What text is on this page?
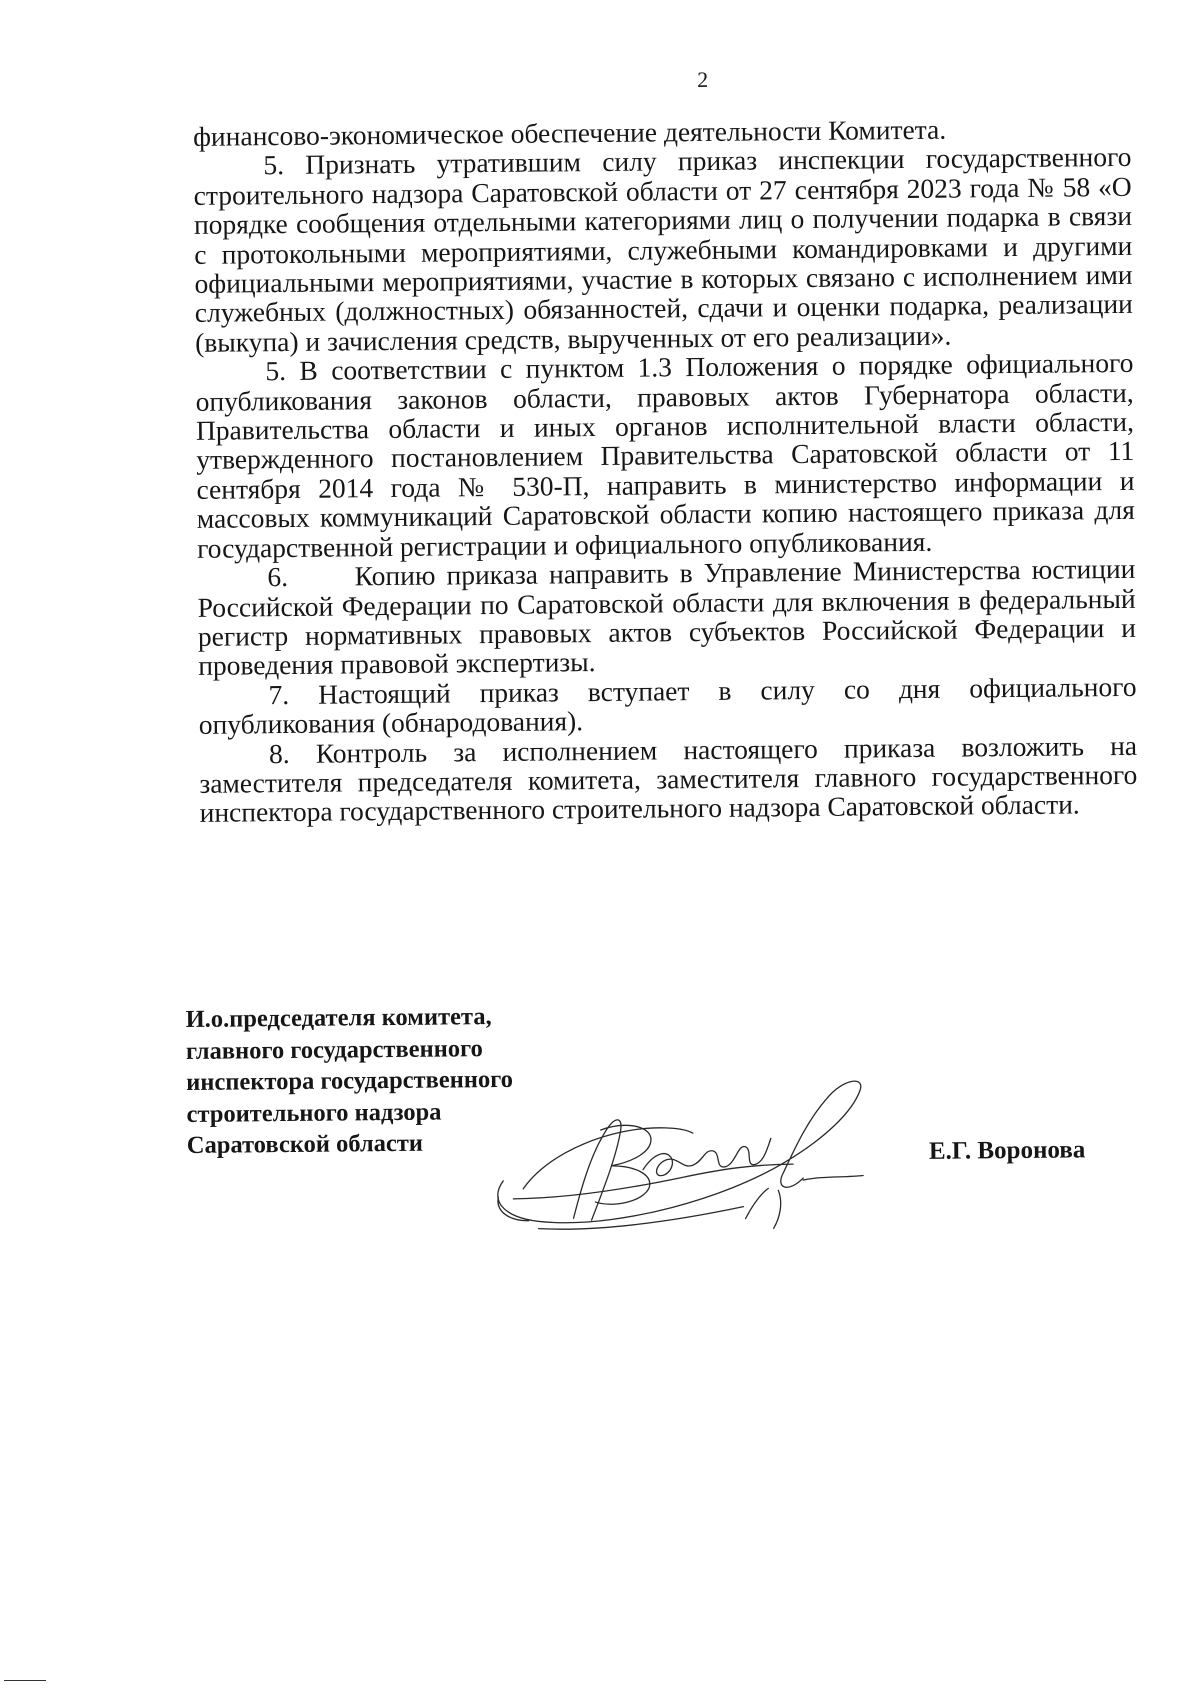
2

финансово-экономическое обеспечение деятельности Комитета.

5. Признать утратившим силу приказ инспекции государственного строительного надзора Саратовской области от 27 сентября 2023 года № 58 «О порядке сообщения отдельными категориями лиц о получении подарка в связи с протокольными мероприятиями, служебными командировками и другими официальными мероприятиями, участие в которых связано с исполнением ими служебных (должностных) обязанностей, сдачи и оценки подарка, реализации (выкупа) и зачисления средств, вырученных от его реализации».

5. В соответствии с пунктом 1.3 Положения о порядке официального опубликования законов области, правовых актов Губернатора области, Правительства области и иных органов исполнительной власти области, утвержденного постановлением Правительства Саратовской области от 11 сентября 2014 года № 530-П, направить в министерство информации и массовых коммуникаций Саратовской области копию настоящего приказа для государственной регистрации и официального опубликования.

6.      Копию приказа направить в Управление Министерства юстиции Российской Федерации по Саратовской области для включения в федеральный регистр нормативных правовых актов субъектов Российской Федерации и проведения правовой экспертизы.

7. Настоящий приказ вступает в силу со дня официального опубликования (обнародования).

8. Контроль за исполнением настоящего приказа возложить на заместителя председателя комитета, заместителя главного государственного инспектора государственного строительного надзора Саратовской области.

И.о.председателя комитета,
главного государственного
инспектора государственного
строительного надзора
Саратовской области	Е.Г. Воронова
